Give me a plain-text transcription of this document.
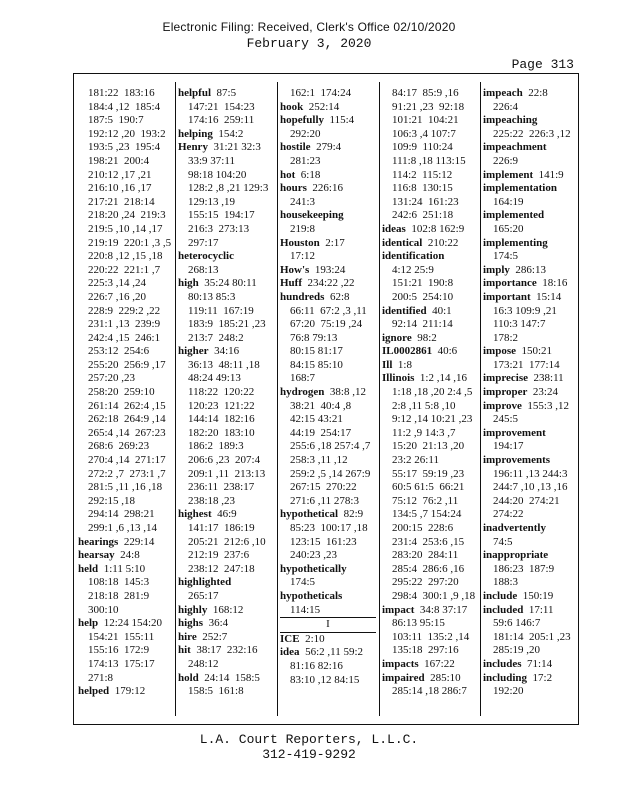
Electronic Filing: Received, Clerk's Office 02/10/2020
February 3, 2020
Page 313
181:22  183:16
184:4 ,12  185:4
187:5  190:7
192:12 ,20  193:2
193:5 ,23  195:4
198:21  200:4
210:12 ,17 ,21
216:10 ,16 ,17
217:21  218:14
218:20 ,24  219:3
219:5 ,10 ,14 ,17
219:19  220:1 ,3 ,5
220:8 ,12 ,15 ,18
220:22  221:1 ,7
225:3 ,14 ,24
226:7 ,16 ,20
228:9  229:2 ,22
231:1 ,13  239:9
242:4 ,15  246:1
253:12  254:6
255:20  256:9 ,17
257:20 ,23
258:20  259:10
261:14  262:4 ,15
262:18  264:9 ,14
265:4 ,14  267:23
268:6  269:23
270:4 ,14  271:17
272:2 ,7  273:1 ,7
281:5 ,11 ,16 ,18
292:15 ,18
294:14  298:21
299:1 ,6 ,13 ,14
hearings  229:14
hearsay  24:8
held  1:11 5:10
108:18  145:3
218:18  281:9
300:10
help  12:24 154:20
154:21  155:11
155:16  172:9
174:13  175:17
271:8
helped  179:12
helpful  87:5
147:21  154:23
174:16  259:11
helping  154:2
Henry  31:21 32:3
33:9 37:11
98:18 104:20
128:2 ,8 ,21 129:3
129:13 ,19
155:15  194:17
216:3  273:13
297:17
heterocyclic
268:13
high  35:24 80:11
80:13 85:3
119:11  167:19
183:9  185:21 ,23
213:7  248:2
higher  34:16
36:13  48:11 ,18
48:24 49:13
118:22  120:22
120:23  121:22
144:14  182:16
182:20  183:10
186:2  189:3
206:6 ,23  207:4
209:1 ,11  213:13
236:11  238:17
238:18 ,23
highest  46:9
141:17  186:19
205:21  212:6 ,10
212:19  237:6
238:12  247:18
highlighted
265:17
highly  168:12
highs  36:4
hire  252:7
hit  38:17  232:16
248:12
hold  24:14  158:5
158:5  161:8
162:1  174:24
hook  252:14
hopefully  115:4
292:20
hostile  279:4
281:23
hot  6:18
hours  226:16
241:3
housekeeping
219:8
Houston  2:17
17:12
How's  193:24
Huff  234:22 ,22
hundreds  62:8
66:11  67:2 ,3 ,11
67:20  75:19 ,24
76:8 79:13
80:15 81:17
84:15 85:10
168:7
hydrogen  38:8 ,12
38:21  40:4 ,8
42:15 43:21
44:19  254:17
255:6 ,18 257:4 ,7
258:3 ,11 ,12
259:2 ,5 ,14 267:9
267:15  270:22
271:6 ,11 278:3
hypothetical  82:9
85:23  100:17 ,18
123:15  161:23
240:23 ,23
hypothetically
174:5
hypotheticals
114:15
I
ICE  2:10
idea  56:2 ,11 59:2
81:16 82:16
83:10 ,12 84:15
84:17  85:9 ,16
91:21 ,23  92:18
101:21  104:21
106:3 ,4 107:7
109:9  110:24
111:8 ,18 113:15
114:2  115:12
116:8  130:15
131:24  161:23
242:6  251:18
ideas  102:8 162:9
identical  210:22
identification
4:12 25:9
151:21  190:8
200:5  254:10
identified  40:1
92:14  211:14
ignore  98:2
IL0002861  40:6
Ill  1:8
Illinois  1:2 ,14 ,16
1:18 ,18 ,20 2:4 ,5
2:8 ,11 5:8 ,10
9:12 ,14 10:21 ,23
11:2 ,9 14:3 ,7
15:20  21:13 ,20
23:2 26:11
55:17  59:19 ,23
60:5 61:5  66:21
75:12  76:2 ,11
134:5 ,7 154:24
200:15  228:6
231:4  253:6 ,15
283:20  284:11
285:4  286:6 ,16
295:22  297:20
298:4  300:1 ,9 ,18
impact  34:8 37:17
86:13 95:15
103:11  135:2 ,14
135:18  297:16
impacts  167:22
impaired  285:10
285:14 ,18 286:7
impeach  22:8
226:4
impeaching
225:22  226:3 ,12
impeachment
226:9
implement  141:9
implementation
164:19
implemented
165:20
implementing
174:5
imply  286:13
importance  18:16
important  15:14
16:3 109:9 ,21
110:3 147:7
178:2
impose  150:21
173:21  177:14
imprecise  238:11
improper  23:24
improve  155:3 ,12
245:5
improvement
194:17
improvements
196:11 ,13 244:3
244:7 ,10 ,13 ,16
244:20  274:21
274:22
inadvertently
74:5
inappropriate
186:23  187:9
188:3
include  150:19
included  17:11
59:6 146:7
181:14  205:1 ,23
285:19 ,20
includes  71:14
including  17:2
192:20
L.A. Court Reporters, L.L.C.
312-419-9292
